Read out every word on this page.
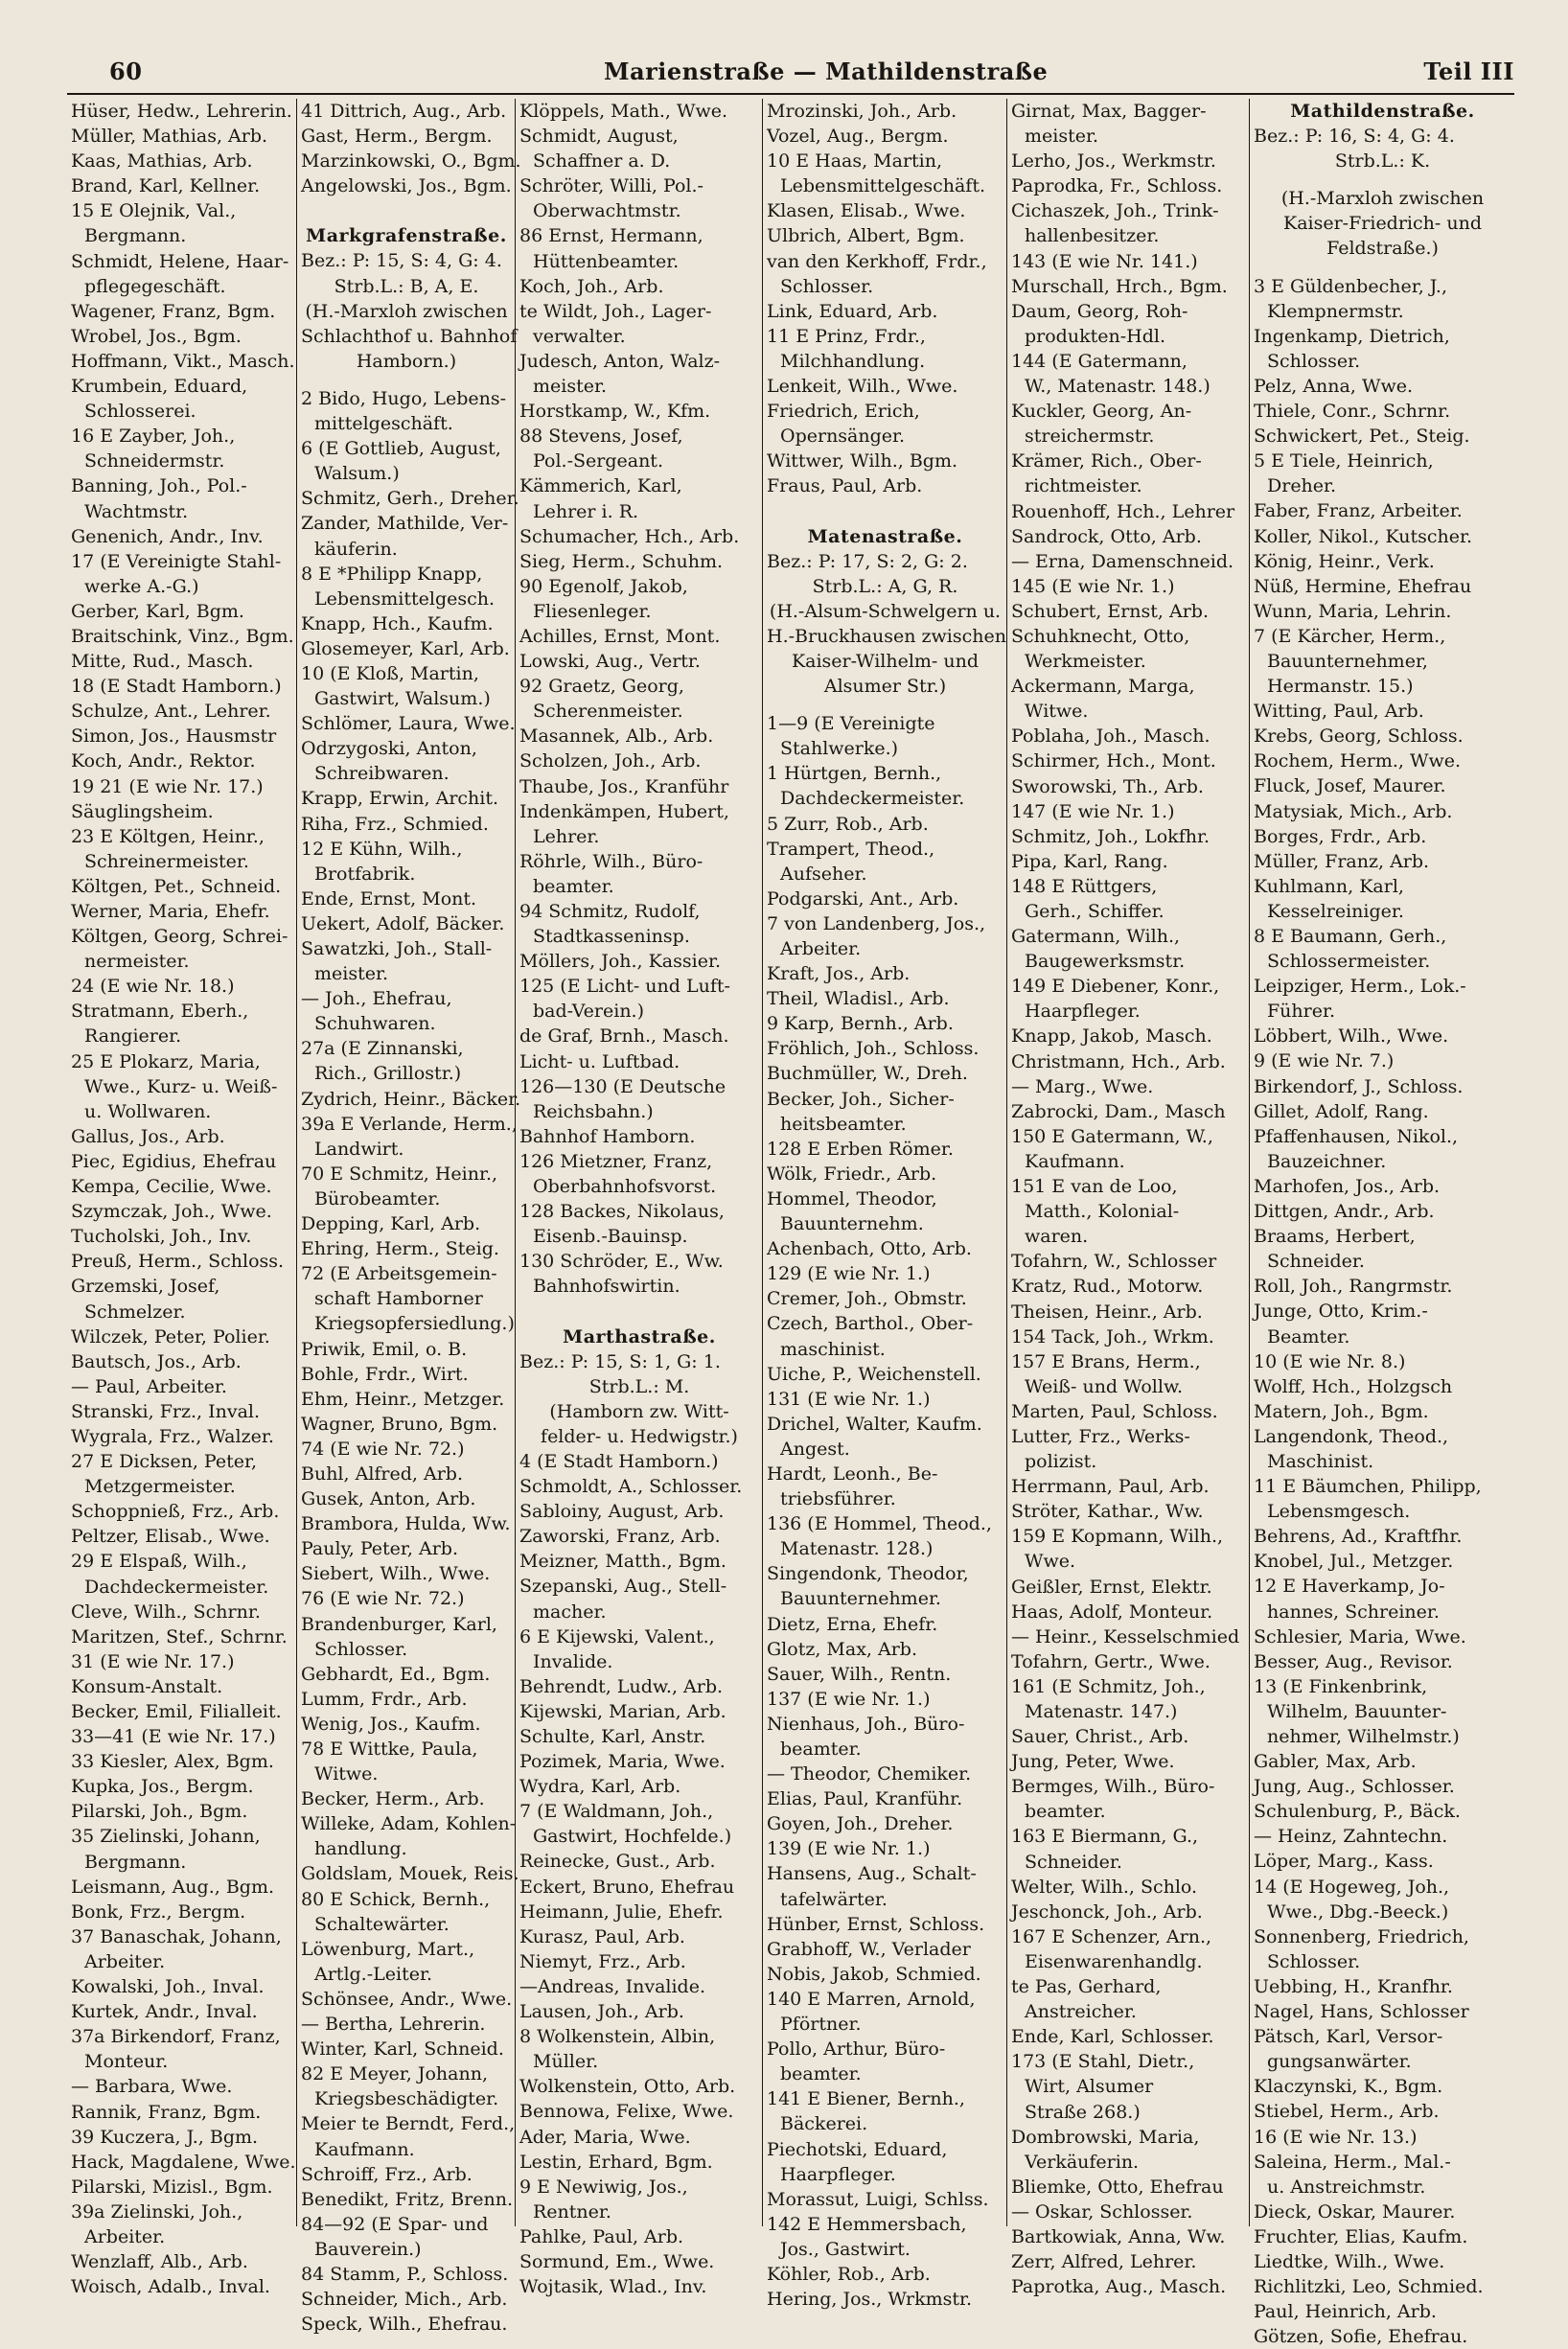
60	Marienstraße — Mathildenstraße	Teil III
Hüser, Hedw., Lehrerin.
Müller, Mathias, Arb.
Kaas, Mathias, Arb.
Brand, Karl, Kellner.
15 E Olejnik, Val.,
Bergmann.
Schmidt, Helene, Haar-
pflegegeschäft.
Wagener, Franz, Bgm.
Wrobel, Jos., Bgm.
Hoffmann, Vikt., Masch.
Krumbein, Eduard,
Schlosserei.
16 E Zayber, Joh.,
Schneidermstr.
Banning, Joh., Pol.-
Wachtmstr.
Genenich, Andr., Inv.
17 (E Vereinigte Stahl-
werke A.-G.)
Gerber, Karl, Bgm.
Braitschink, Vinz., Bgm.
Mitte, Rud., Masch.
18 (E Stadt Hamborn.)
Schulze, Ant., Lehrer.
Simon, Jos., Hausmstr
Koch, Andr., Rektor.
19 21 (E wie Nr. 17.)
Säuglingsheim.
23 E Költgen, Heinr.,
Schreinermeister.
Költgen, Pet., Schneid.
Werner, Maria, Ehefr.
Költgen, Georg, Schrei-
nermeister.
24 (E wie Nr. 18.)
Stratmann, Eberh.,
Rangierer.
25 E Plokarz, Maria,
Wwe., Kurz- u. Weiß-
u. Wollwaren.
Gallus, Jos., Arb.
Piec, Egidius, Ehefrau
Kempa, Cecilie, Wwe.
Szymczak, Joh., Wwe.
Tucholski, Joh., Inv.
Preuß, Herm., Schloss.
Grzemski, Josef,
Schmelzer.
Wilczek, Peter, Polier.
Bautsch, Jos., Arb.
— Paul, Arbeiter.
Stranski, Frz., Inval.
Wygrala, Frz., Walzer.
27 E Dicksen, Peter,
Metzgermeister.
Schoppnieß, Frz., Arb.
Peltzer, Elisab., Wwe.
29 E Elspaß, Wilh.,
Dachdeckermeister.
Cleve, Wilh., Schrnr.
Maritzen, Stef., Schrnr.
31 (E wie Nr. 17.)
Konsum-Anstalt.
Becker, Emil, Filialleit.
33—41 (E wie Nr. 17.)
33 Kiesler, Alex, Bgm.
Kupka, Jos., Bergm.
Pilarski, Joh., Bgm.
35 Zielinski, Johann,
Bergmann.
Leismann, Aug., Bgm.
Bonk, Frz., Bergm.
37 Banaschak, Johann,
Arbeiter.
Kowalski, Joh., Inval.
Kurtek, Andr., Inval.
37a Birkendorf, Franz,
Monteur.
— Barbara, Wwe.
Rannik, Franz, Bgm.
39 Kuczera, J., Bgm.
Hack, Magdalene, Wwe.
Pilarski, Mizisl., Bgm.
39a Zielinski, Joh.,
Arbeiter.
Wenzlaff, Alb., Arb.
Woisch, Adalb., Inval.
41 Dittrich, Aug., Arb.
Gast, Herm., Bergm.
Marzinkowski, O., Bgm.
Angelowski, Jos., Bgm.
Markgrafenstraße.
Bez.: P: 15, S: 4, G: 4.
Strb.L.: B, A, E.
(H.-Marxloh zwischen
Schlachthof u. Bahnhof
Hamborn.)
2 Bido, Hugo, Lebens-
mittelgeschäft.
6 (E Gottlieb, August,
Walsum.)
Schmitz, Gerh., Dreher.
Zander, Mathilde, Ver-
käuferin.
8 E *Philipp Knapp,
Lebensmittelgesch.
Knapp, Hch., Kaufm.
Glosemeyer, Karl, Arb.
10 (E Kloß, Martin,
Gastwirt, Walsum.)
Schlömer, Laura, Wwe.
Odrzygoski, Anton,
Schreibwaren.
Krapp, Erwin, Archit.
Riha, Frz., Schmied.
12 E Kühn, Wilh.,
Brotfabrik.
Ende, Ernst, Mont.
Uekert, Adolf, Bäcker.
Sawatzki, Joh., Stall-
meister.
— Joh., Ehefrau,
Schuhwaren.
27a (E Zinnanski,
Rich., Grillostr.)
Zydrich, Heinr., Bäcker.
39a E Verlande, Herm.,
Landwirt.
70 E Schmitz, Heinr.,
Bürobeamter.
Depping, Karl, Arb.
Ehring, Herm., Steig.
72 (E Arbeitsgemein-
schaft Hamborner
Kriegsopfersiedlung.)
Priwik, Emil, o. B.
Bohle, Frdr., Wirt.
Ehm, Heinr., Metzger.
Wagner, Bruno, Bgm.
74 (E wie Nr. 72.)
Buhl, Alfred, Arb.
Gusek, Anton, Arb.
Brambora, Hulda, Ww.
Pauly, Peter, Arb.
Siebert, Wilh., Wwe.
76 (E wie Nr. 72.)
Brandenburger, Karl,
Schlosser.
Gebhardt, Ed., Bgm.
Lumm, Frdr., Arb.
Wenig, Jos., Kaufm.
78 E Wittke, Paula,
Witwe.
Becker, Herm., Arb.
Willeke, Adam, Kohlen-
handlung.
Goldslam, Mouek, Reis.
80 E Schick, Bernh.,
Schaltewärter.
Löwenburg, Mart.,
Artlg.-Leiter.
Schönsee, Andr., Wwe.
— Bertha, Lehrerin.
Winter, Karl, Schneid.
82 E Meyer, Johann,
Kriegsbeschädigter.
Meier te Berndt, Ferd.,
Kaufmann.
Schroiff, Frz., Arb.
Benedikt, Fritz, Brenn.
84—92 (E Spar- und
Bauverein.)
84 Stamm, P., Schloss.
Schneider, Mich., Arb.
Speck, Wilh., Ehefrau.
Klöppels, Math., Wwe.
Schmidt, August,
Schaffner a. D.
Schröter, Willi, Pol.-
Oberwachtmstr.
86 Ernst, Hermann,
Hüttenbeamter.
Koch, Joh., Arb.
te Wildt, Joh., Lager-
verwalter.
Judesch, Anton, Walz-
meister.
Horstkamp, W., Kfm.
88 Stevens, Josef,
Pol.-Sergeant.
Kämmerich, Karl,
Lehrer i. R.
Schumacher, Hch., Arb.
Sieg, Herm., Schuhm.
90 Egenolf, Jakob,
Fliesenleger.
Achilles, Ernst, Mont.
Lowski, Aug., Vertr.
92 Graetz, Georg,
Scherenmeister.
Masannek, Alb., Arb.
Scholzen, Joh., Arb.
Thaube, Jos., Kranführ
Indenkämpen, Hubert,
Lehrer.
Röhrle, Wilh., Büro-
beamter.
94 Schmitz, Rudolf,
Stadtkasseninsp.
Möllers, Joh., Kassier.
125 (E Licht- und Luft-
bad-Verein.)
de Graf, Brnh., Masch.
Licht- u. Luftbad.
126—130 (E Deutsche
Reichsbahn.)
Bahnhof Hamborn.
126 Mietzner, Franz,
Oberbahnhofsvorst.
128 Backes, Nikolaus,
Eisenb.-Bauinsp.
130 Schröder, E., Ww.
Bahnhofswirtin.
Marthastraße.
Bez.: P: 15, S: 1, G: 1.
Strb.L.: M.
(Hamborn zw. Witt-
felder- u. Hedwigstr.)
4 (E Stadt Hamborn.)
Schmoldt, A., Schlosser.
Sabloiny, August, Arb.
Zaworski, Franz, Arb.
Meizner, Matth., Bgm.
Szepanski, Aug., Stell-
macher.
6 E Kijewski, Valent.,
Invalide.
Behrendt, Ludw., Arb.
Kijewski, Marian, Arb.
Schulte, Karl, Anstr.
Pozimek, Maria, Wwe.
Wydra, Karl, Arb.
7 (E Waldmann, Joh.,
Gastwirt, Hochfelde.)
Reinecke, Gust., Arb.
Eckert, Bruno, Ehefrau
Heimann, Julie, Ehefr.
Kurasz, Paul, Arb.
Niemyt, Frz., Arb.
—Andreas, Invalide.
Lausen, Joh., Arb.
8 Wolkenstein, Albin,
Müller.
Wolkenstein, Otto, Arb.
Bennowa, Felixe, Wwe.
Ader, Maria, Wwe.
Lestin, Erhard, Bgm.
9 E Newiwig, Jos.,
Rentner.
Pahlke, Paul, Arb.
Sormund, Em., Wwe.
Wojtasik, Wlad., Inv.
Mrozinski, Joh., Arb.
Vozel, Aug., Bergm.
10 E Haas, Martin,
Lebensmittelgeschäft.
Klasen, Elisab., Wwe.
Ulbrich, Albert, Bgm.
van den Kerkhoff, Frdr.,
Schlosser.
Link, Eduard, Arb.
11 E Prinz, Frdr.,
Milchhandlung.
Lenkeit, Wilh., Wwe.
Friedrich, Erich,
Opernsänger.
Wittwer, Wilh., Bgm.
Fraus, Paul, Arb.
Matenastraße.
Bez.: P: 17, S: 2, G: 2.
Strb.L.: A, G, R.
(H.-Alsum-Schwelgern u.
H.-Bruckhausen zwischen
Kaiser-Wilhelm- und
Alsumer Str.)
1—9 (E Vereinigte
Stahlwerke.)
1 Hürtgen, Bernh.,
Dachdeckermeister.
5 Zurr, Rob., Arb.
Trampert, Theod.,
Aufseher.
Podgarski, Ant., Arb.
7 von Landenberg, Jos.,
Arbeiter.
Kraft, Jos., Arb.
Theil, Wladisl., Arb.
9 Karp, Bernh., Arb.
Fröhlich, Joh., Schloss.
Buchmüller, W., Dreh.
Becker, Joh., Sicher-
heitsbeamter.
128 E Erben Römer.
Wölk, Friedr., Arb.
Hommel, Theodor,
Bauunternehm.
Achenbach, Otto, Arb.
129 (E wie Nr. 1.)
Cremer, Joh., Obmstr.
Czech, Barthol., Ober-
maschinist.
Uiche, P., Weichenstell.
131 (E wie Nr. 1.)
Drichel, Walter, Kaufm.
Angest.
Hardt, Leonh., Be-
triebsführer.
136 (E Hommel, Theod.,
Matenastr. 128.)
Singendonk, Theodor,
Bauunternehmer.
Dietz, Erna, Ehefr.
Glotz, Max, Arb.
Sauer, Wilh., Rentn.
137 (E wie Nr. 1.)
Nienhaus, Joh., Büro-
beamter.
— Theodor, Chemiker.
Elias, Paul, Kranführ.
Goyen, Joh., Dreher.
139 (E wie Nr. 1.)
Hansens, Aug., Schalt-
tafelwärter.
Hünber, Ernst, Schloss.
Grabhoff, W., Verlader
Nobis, Jakob, Schmied.
140 E Marren, Arnold,
Pförtner.
Pollo, Arthur, Büro-
beamter.
141 E Biener, Bernh.,
Bäckerei.
Piechotski, Eduard,
Haarpfleger.
Morassut, Luigi, Schlss.
142 E Hemmersbach,
Jos., Gastwirt.
Köhler, Rob., Arb.
Hering, Jos., Wrkmstr.
Girnat, Max, Bagger-
meister.
Lerho, Jos., Werkmstr.
Paprodka, Fr., Schloss.
Cichaszek, Joh., Trink-
hallenbesitzer.
143 (E wie Nr. 141.)
Murschall, Hrch., Bgm.
Daum, Georg, Roh-
produkten-Hdl.
144 (E Gatermann,
W., Matenastr. 148.)
Kuckler, Georg, An-
streichermstr.
Krämer, Rich., Ober-
richtmeister.
Rouenhoff, Hch., Lehrer
Sandrock, Otto, Arb.
— Erna, Damenschneid.
145 (E wie Nr. 1.)
Schubert, Ernst, Arb.
Schuhknecht, Otto,
Werkmeister.
Ackermann, Marga,
Witwe.
Poblaha, Joh., Masch.
Schirmer, Hch., Mont.
Sworowski, Th., Arb.
147 (E wie Nr. 1.)
Schmitz, Joh., Lokfhr.
Pipa, Karl, Rang.
148 E Rüttgers,
Gerh., Schiffer.
Gatermann, Wilh.,
Baugewerksmstr.
149 E Diebener, Konr.,
Haarpfleger.
Knapp, Jakob, Masch.
Christmann, Hch., Arb.
— Marg., Wwe.
Zabrocki, Dam., Masch
150 E Gatermann, W.,
Kaufmann.
151 E van de Loo,
Matth., Kolonial-
waren.
Tofahrn, W., Schlosser
Kratz, Rud., Motorw.
Theisen, Heinr., Arb.
154 Tack, Joh., Wrkm.
157 E Brans, Herm.,
Weiß- und Wollw.
Marten, Paul, Schloss.
Lutter, Frz., Werks-
polizist.
Herrmann, Paul, Arb.
Ströter, Kathar., Ww.
159 E Kopmann, Wilh.,
Wwe.
Geißler, Ernst, Elektr.
Haas, Adolf, Monteur.
— Heinr., Kesselschmied
Tofahrn, Gertr., Wwe.
161 (E Schmitz, Joh.,
Matenastr. 147.)
Sauer, Christ., Arb.
Jung, Peter, Wwe.
Bermges, Wilh., Büro-
beamter.
163 E Biermann, G.,
Schneider.
Welter, Wilh., Schlo.
Jeschonck, Joh., Arb.
167 E Schenzer, Arn.,
Eisenwarenhandlg.
te Pas, Gerhard,
Anstreicher.
Ende, Karl, Schlosser.
173 (E Stahl, Dietr.,
Wirt, Alsumer
Straße 268.)
Dombrowski, Maria,
Verkäuferin.
Bliemke, Otto, Ehefrau
— Oskar, Schlosser.
Bartkowiak, Anna, Ww.
Zerr, Alfred, Lehrer.
Paprotka, Aug., Masch.
Mathildenstraße.
Bez.: P: 16, S: 4, G: 4.
Strb.L.: K.
(H.-Marxloh zwischen
Kaiser-Friedrich- und
Feldstraße.)
3 E Güldenbecher, J.,
Klempnermstr.
Ingenkamp, Dietrich,
Schlosser.
Pelz, Anna, Wwe.
Thiele, Conr., Schrnr.
Schwickert, Pet., Steig.
5 E Tiele, Heinrich,
Dreher.
Faber, Franz, Arbeiter.
Koller, Nikol., Kutscher.
König, Heinr., Verk.
Nüß, Hermine, Ehefrau
Wunn, Maria, Lehrin.
7 (E Kärcher, Herm.,
Bauunternehmer,
Hermanstr. 15.)
Witting, Paul, Arb.
Krebs, Georg, Schloss.
Rochem, Herm., Wwe.
Fluck, Josef, Maurer.
Matysiak, Mich., Arb.
Borges, Frdr., Arb.
Müller, Franz, Arb.
Kuhlmann, Karl,
Kesselreiniger.
8 E Baumann, Gerh.,
Schlossermeister.
Leipziger, Herm., Lok.-
Führer.
Löbbert, Wilh., Wwe.
9 (E wie Nr. 7.)
Birkendorf, J., Schloss.
Gillet, Adolf, Rang.
Pfaffenhausen, Nikol.,
Bauzeichner.
Marhofen, Jos., Arb.
Dittgen, Andr., Arb.
Braams, Herbert,
Schneider.
Roll, Joh., Rangrmstr.
Junge, Otto, Krim.-
Beamter.
10 (E wie Nr. 8.)
Wolff, Hch., Holzgsch
Matern, Joh., Bgm.
Langendonk, Theod.,
Maschinist.
11 E Bäumchen, Philipp,
Lebensmgesch.
Behrens, Ad., Kraftfhr.
Knobel, Jul., Metzger.
12 E Haverkamp, Jo-
hannes, Schreiner.
Schlesier, Maria, Wwe.
Besser, Aug., Revisor.
13 (E Finkenbrink,
Wilhelm, Bauunter-
nehmer, Wilhelmstr.)
Gabler, Max, Arb.
Jung, Aug., Schlosser.
Schulenburg, P., Bäck.
— Heinz, Zahntechn.
Löper, Marg., Kass.
14 (E Hogeweg, Joh.,
Wwe., Dbg.-Beeck.)
Sonnenberg, Friedrich,
Schlosser.
Uebbing, H., Kranfhr.
Nagel, Hans, Schlosser
Pätsch, Karl, Versor-
gungsanwärter.
Klaczynski, K., Bgm.
Stiebel, Herm., Arb.
16 (E wie Nr. 13.)
Saleina, Herm., Mal.-
u. Anstreichmstr.
Dieck, Oskar, Maurer.
Fruchter, Elias, Kaufm.
Liedtke, Wilh., Wwe.
Richlitzki, Leo, Schmied.
Paul, Heinrich, Arb.
Götzen, Sofie, Ehefrau.
